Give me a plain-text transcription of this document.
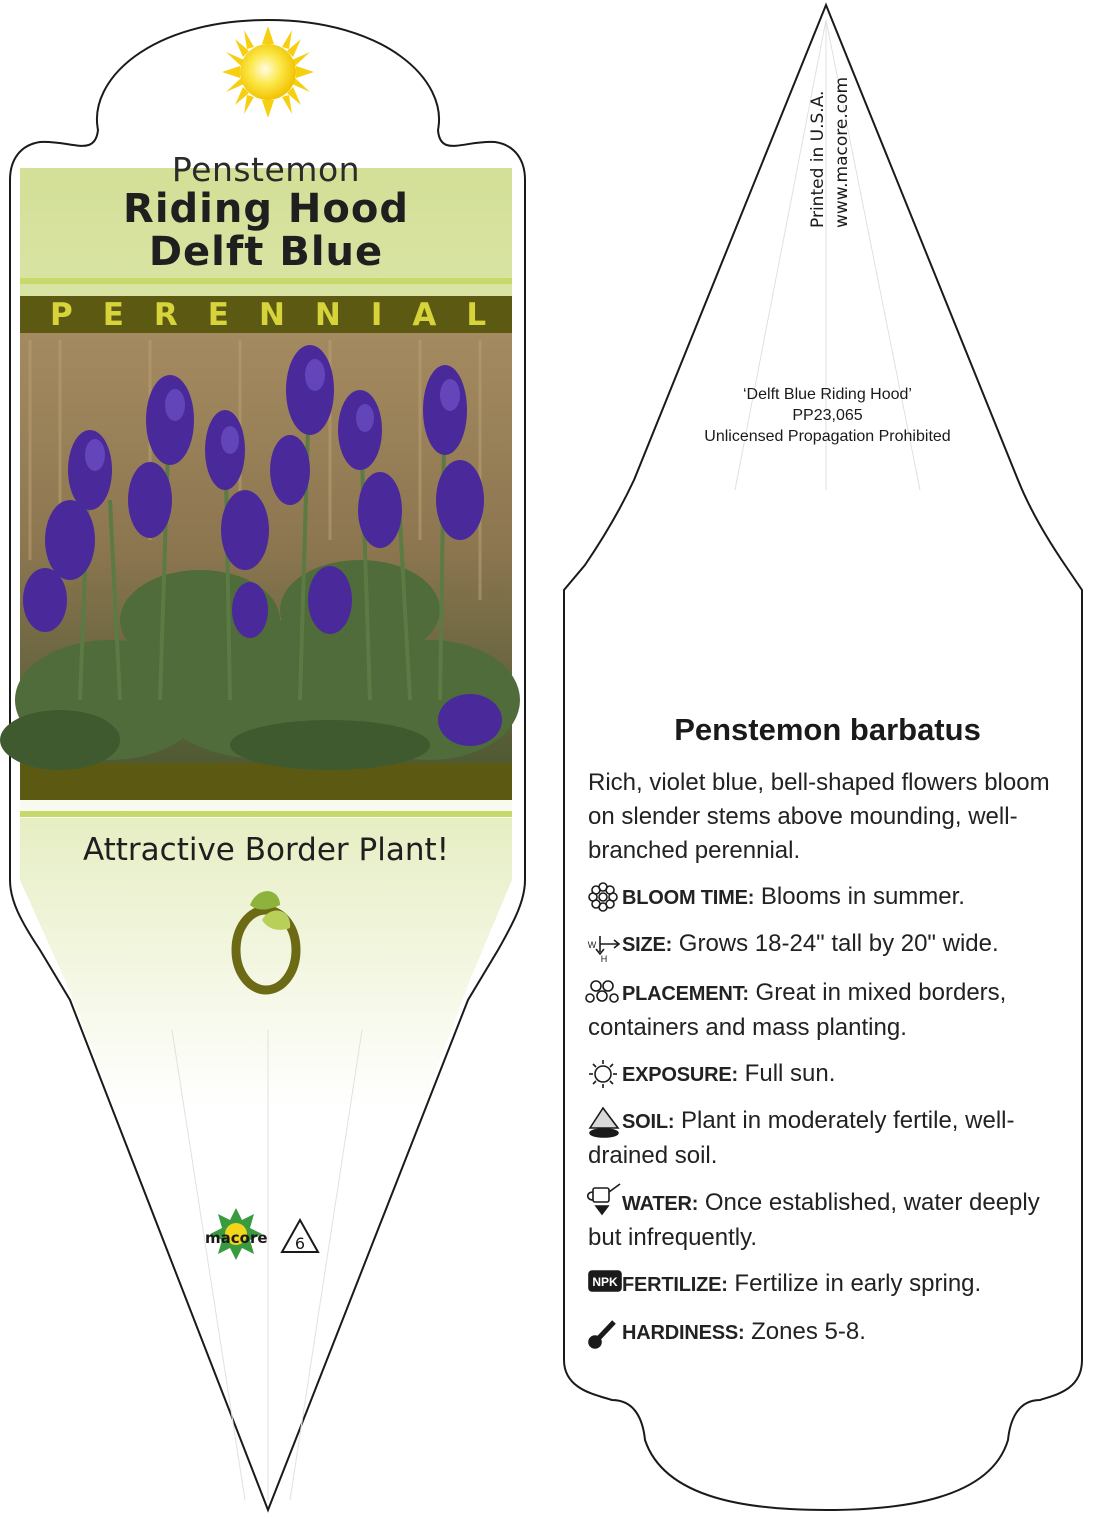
NPK
W
H
Penstemon
Riding Hood
Delft Blue
PERENNIAL
Attractive Border Plant!
macore 6
Printed in U.S.A. www.macore.com
‘Delft Blue Riding Hood’
PP23,065
Unlicensed Propagation Prohibited
Penstemon barbatus
Rich, violet blue, bell-shaped flowers bloom on slender stems above mounding, well-branched perennial.
BLOOM TIME: Blooms in summer.
SIZE: Grows 18-24" tall by 20" wide.
PLACEMENT: Great in mixed borders, containers and mass planting.
EXPOSURE: Full sun.
SOIL: Plant in moderately fertile, well-drained soil.
WATER: Once established, water deeply but infrequently.
FERTILIZE: Fertilize in early spring.
HARDINESS: Zones 5-8.
